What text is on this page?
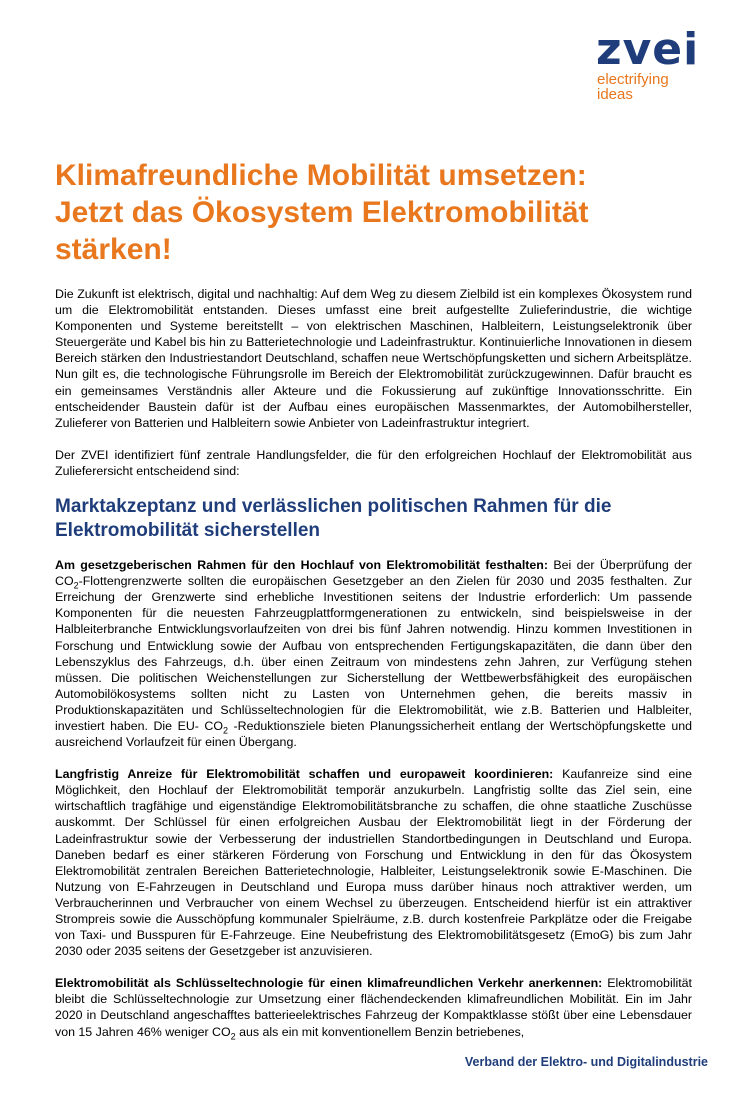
zvei
electrifying
ideas
Klimafreundliche Mobilität umsetzen:
Jetzt das Ökosystem Elektromobilität
stärken!

Die Zukunft ist elektrisch, digital und nachhaltig: Auf dem Weg zu diesem Zielbild ist ein komplexes Ökosystem rund um die Elektromobilität entstanden. Dieses umfasst eine breit aufgestellte Zulieferindustrie, die wichtige Komponenten und Systeme bereitstellt – von elektrischen Maschinen, Halbleitern, Leistungselektronik über Steuergeräte und Kabel bis hin zu Batterietechnologie und Ladeinfrastruktur. Kontinuierliche Innovationen in diesem Bereich stärken den Industriestandort Deutschland, schaffen neue Wertschöpfungsketten und sichern Arbeitsplätze. Nun gilt es, die technologische Führungsrolle im Bereich der Elektromobilität zurückzugewinnen. Dafür braucht es ein gemeinsames Verständnis aller Akteure und die Fokussierung auf zukünftige Innovationsschritte. Ein entscheidender Baustein dafür ist der Aufbau eines europäischen Massenmarktes, der Automobilhersteller, Zulieferer von Batterien und Halbleitern sowie Anbieter von Ladeinfrastruktur integriert.

Der ZVEI identifiziert fünf zentrale Handlungsfelder, die für den erfolgreichen Hochlauf der Elektromobilität aus Zulieferersicht entscheidend sind:

Marktakzeptanz und verlässlichen politischen Rahmen für die Elektromobilität sicherstellen

Am gesetzgeberischen Rahmen für den Hochlauf von Elektromobilität festhalten: Bei der Überprüfung der $CO_2$-Flottengrenzwerte sollten die europäischen Gesetzgeber an den Zielen für 2030 und 2035 festhalten. Zur Erreichung der Grenzwerte sind erhebliche Investitionen seitens der Industrie erforderlich: Um passende Komponenten für die neuesten Fahrzeugplattformgenerationen zu entwickeln, sind beispielsweise in der Halbleiterbranche Entwicklungsvorlaufzeiten von drei bis fünf Jahren notwendig. Hinzu kommen Investitionen in Forschung und Entwicklung sowie der Aufbau von entsprechenden Fertigungskapazitäten, die dann über den Lebenszyklus des Fahrzeugs, d.h. über einen Zeitraum von mindestens zehn Jahren, zur Verfügung stehen müssen. Die politischen Weichenstellungen zur Sicherstellung der Wettbewerbsfähigkeit des europäischen Automobilökosystems sollten nicht zu Lasten von Unternehmen gehen, die bereits massiv in Produktionskapazitäten und Schlüsseltechnologien für die Elektromobilität, wie z.B. Batterien und Halbleiter, investiert haben. Die EU- $CO_2$ -Reduktionsziele bieten Planungssicherheit entlang der Wertschöpfungskette und ausreichend Vorlaufzeit für einen Übergang.

Langfristig Anreize für Elektromobilität schaffen und europaweit koordinieren: Kaufanreize sind eine Möglichkeit, den Hochlauf der Elektromobilität temporär anzukurbeln. Langfristig sollte das Ziel sein, eine wirtschaftlich tragfähige und eigenständige Elektromobilitätsbranche zu schaffen, die ohne staatliche Zuschüsse auskommt. Der Schlüssel für einen erfolgreichen Ausbau der Elektromobilität liegt in der Förderung der Ladeinfrastruktur sowie der Verbesserung der industriellen Standortbedingungen in Deutschland und Europa. Daneben bedarf es einer stärkeren Förderung von Forschung und Entwicklung in den für das Ökosystem Elektromobilität zentralen Bereichen Batterietechnologie, Halbleiter, Leistungselektronik sowie E-Maschinen. Die Nutzung von E-Fahrzeugen in Deutschland und Europa muss darüber hinaus noch attraktiver werden, um Verbraucherinnen und Verbraucher von einem Wechsel zu überzeugen. Entscheidend hierfür ist ein attraktiver Strompreis sowie die Ausschöpfung kommunaler Spielräume, z.B. durch kostenfreie Parkplätze oder die Freigabe von Taxi- und Busspuren für E-Fahrzeuge. Eine Neubefristung des Elektromobilitätsgesetz (EmoG) bis zum Jahr 2030 oder 2035 seitens der Gesetzgeber ist anzuvisieren.

Elektromobilität als Schlüsseltechnologie für einen klimafreundlichen Verkehr anerkennen: Elektromobilität bleibt die Schlüsseltechnologie zur Umsetzung einer flächendeckenden klimafreundlichen Mobilität. Ein im Jahr 2020 in Deutschland angeschafftes batterieelektrisches Fahrzeug der Kompaktklasse stößt über eine Lebensdauer von 15 Jahren 46% weniger $CO_2$ aus als ein mit konventionellem Benzin betriebenes,

Verband der Elektro- und Digitalindustrie
